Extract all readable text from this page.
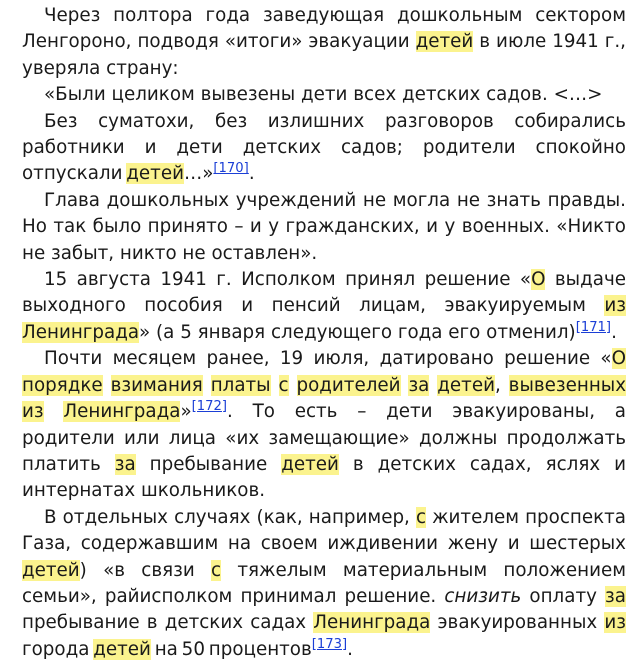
Через полтора года заведующая дошкольным сектором Ленгороно, подводя «итоги» эвакуации детей в июле 1941 г., уверяла страну:

«Были целиком вывезены дети всех детских садов. <…>

Без суматохи, без излишних разговоров собирались работники и дети детских садов; родители спокойно отпускали детей…»[170].

Глава дошкольных учреждений не могла не знать правды. Но так было принято – и у гражданских, и у военных. «Никто не забыт, никто не оставлен».

15 августа 1941 г. Исполком принял решение «О выдаче выходного пособия и пенсий лицам, эвакуируемым из Ленинграда» (а 5 января следующего года его отменил)[171].

Почти месяцем ранее, 19 июля, датировано решение «О порядке взимания платы с родителей за детей, вывезенных из Ленинграда»[172]. То есть – дети эвакуированы, а родители или лица «их замещающие» должны продолжать платить за пребывание детей в детских садах, яслях и интернатах школьников.

В отдельных случаях (как, например, с жителем проспекта Газа, содержавшим на своем иждивении жену и шестерых детей) «в связи с тяжелым материальным положением семьи», райисполком принимал решение. снизить оплату за пребывание в детских садах Ленинграда эвакуированных из города детей на 50 процентов[173].
